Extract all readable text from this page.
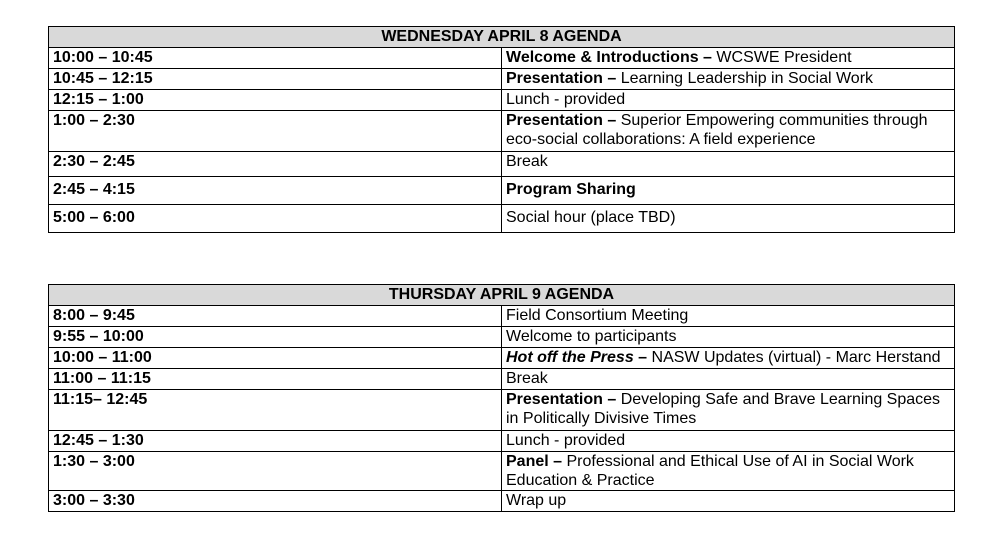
WEDNESDAY APRIL 8 AGENDA	
10:00 – 10:45	Welcome & Introductions – WCSWE President
10:45 – 12:15	Presentation – Learning Leadership in Social Work
12:15 – 1:00	Lunch - provided
1:00 – 2:30	Presentation – Superior Empowering communities through eco-social collaborations: A field experience
2:30 – 2:45	Break
2:45 – 4:15	Program Sharing
5:00 – 6:00	Social hour (place TBD)
THURSDAY APRIL 9 AGENDA	
8:00 – 9:45	Field Consortium Meeting
9:55 – 10:00	Welcome to participants
10:00 – 11:00	Hot off the Press – NASW Updates (virtual) - Marc Herstand
11:00 – 11:15	Break
11:15– 12:45	Presentation – Developing Safe and Brave Learning Spaces in Politically Divisive Times
12:45 – 1:30	Lunch - provided
1:30 – 3:00	Panel – Professional and Ethical Use of AI in Social Work Education & Practice
3:00 – 3:30	Wrap up
